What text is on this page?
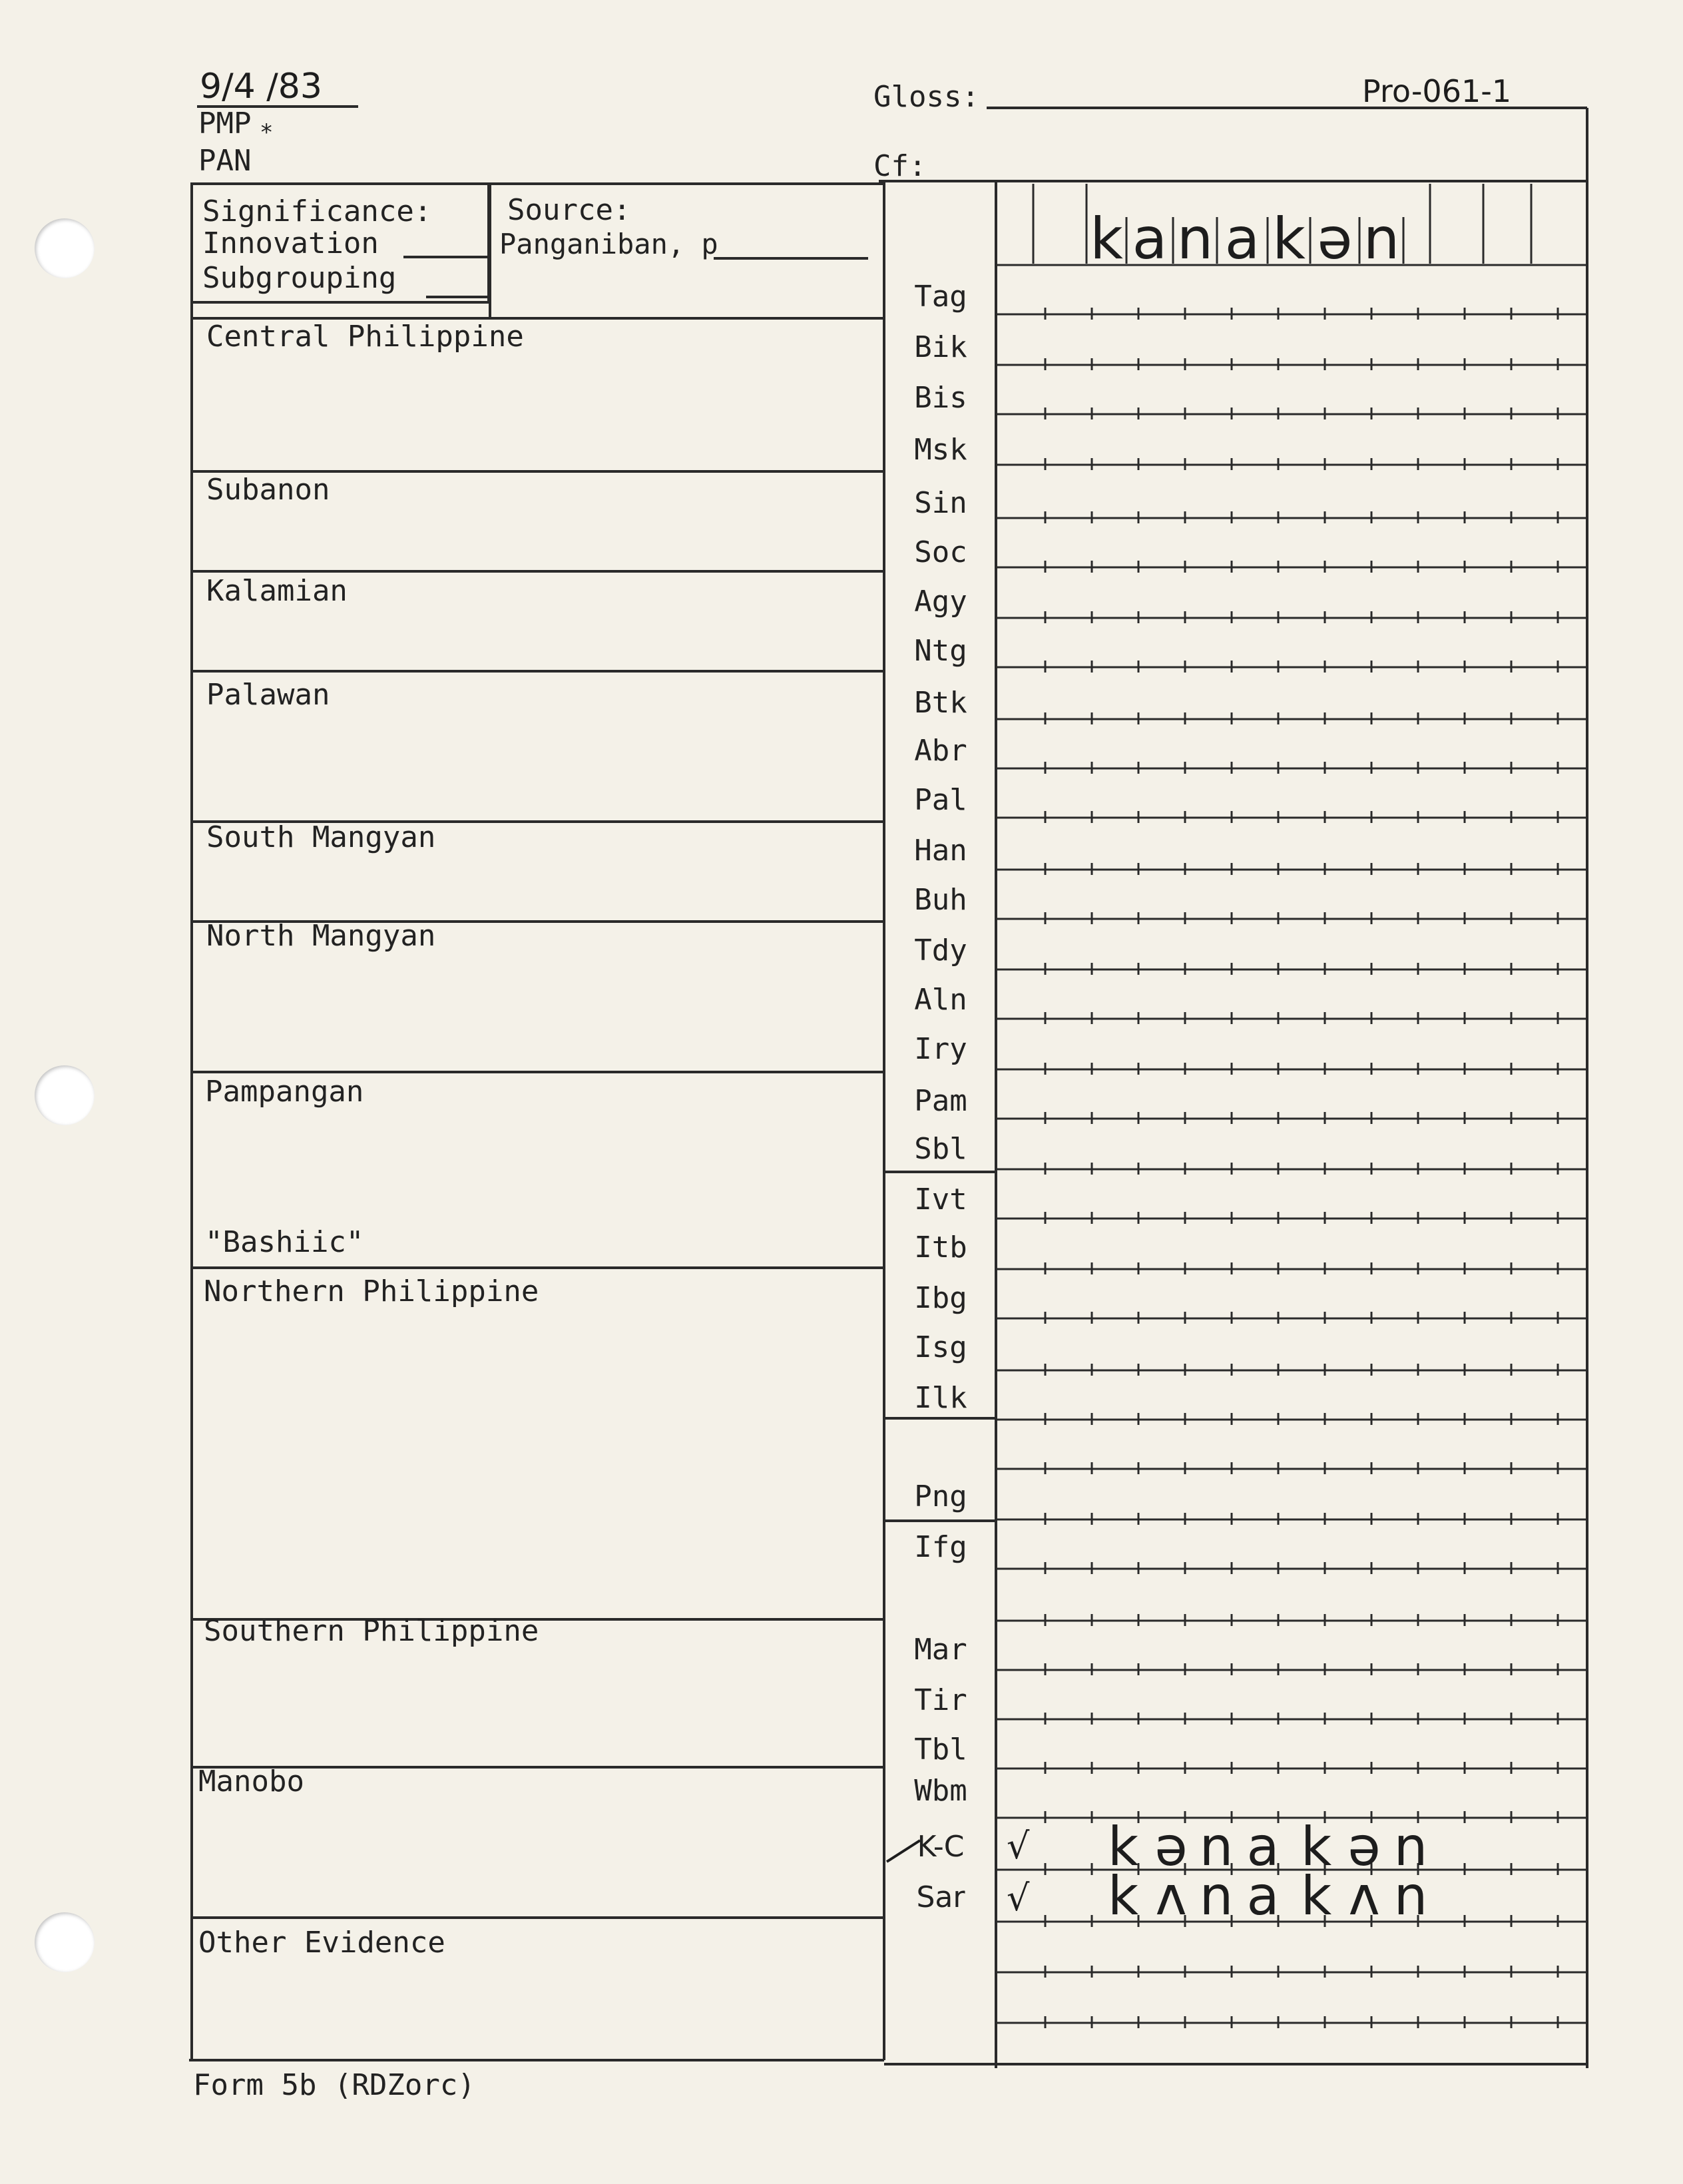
9/4 /83
PMP *
PAN
Gloss:
Cf:
Pro-061-1
Significance:
Innovation
Subgrouping
Source:
Panganiban, p	k a n a k ə n
Central Philippine
Subanon
Kalamian
Palawan
South Mangyan
North Mangyan
Pampangan
"Bashiic"
Northern Philippine
Southern Philippine
Manobo
Other Evidence
Tag
Bik
Bis
Msk
Sin
Soc
Agy
Ntg
Btk
Abr
Pal
Han
Buh
Tdy
Aln
Iry
Pam
Sbl
Ivt
Itb
Ibg
Isg
Ilk
Png
Ifg
Mar
Tir
Tbl
Wbm
K-C
Sar
√ k ə n a k ə n
√ k ʌ n a k ʌ n
Form 5b (RDZorc)
